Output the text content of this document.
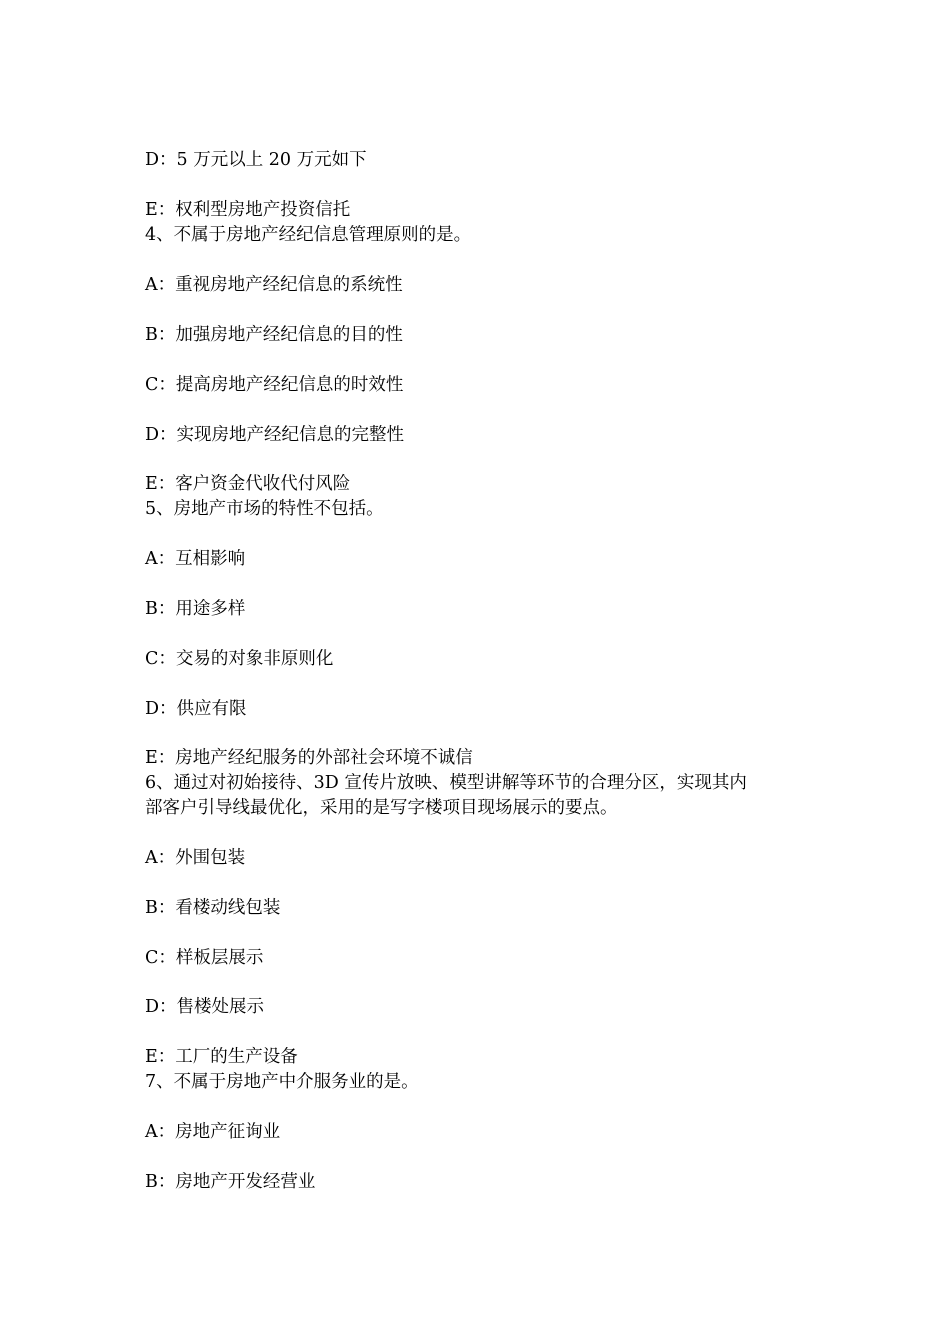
D：5 万元以上 20 万元如下
E：权利型房地产投资信托
4、不属于房地产经纪信息管理原则的是。
A：重视房地产经纪信息的系统性
B：加强房地产经纪信息的目的性
C：提高房地产经纪信息的时效性
D：实现房地产经纪信息的完整性
E：客户资金代收代付风险
5、房地产市场的特性不包括。
A：互相影响
B：用途多样
C：交易的对象非原则化
D：供应有限
E：房地产经纪服务的外部社会环境不诚信
6、通过对初始接待、3D 宣传片放映、模型讲解等环节的合理分区，实现其内
部客户引导线最优化，采用的是写字楼项目现场展示的要点。
A：外围包装
B：看楼动线包装
C：样板层展示
D：售楼处展示
E：工厂的生产设备
7、不属于房地产中介服务业的是。
A：房地产征询业
B：房地产开发经营业
